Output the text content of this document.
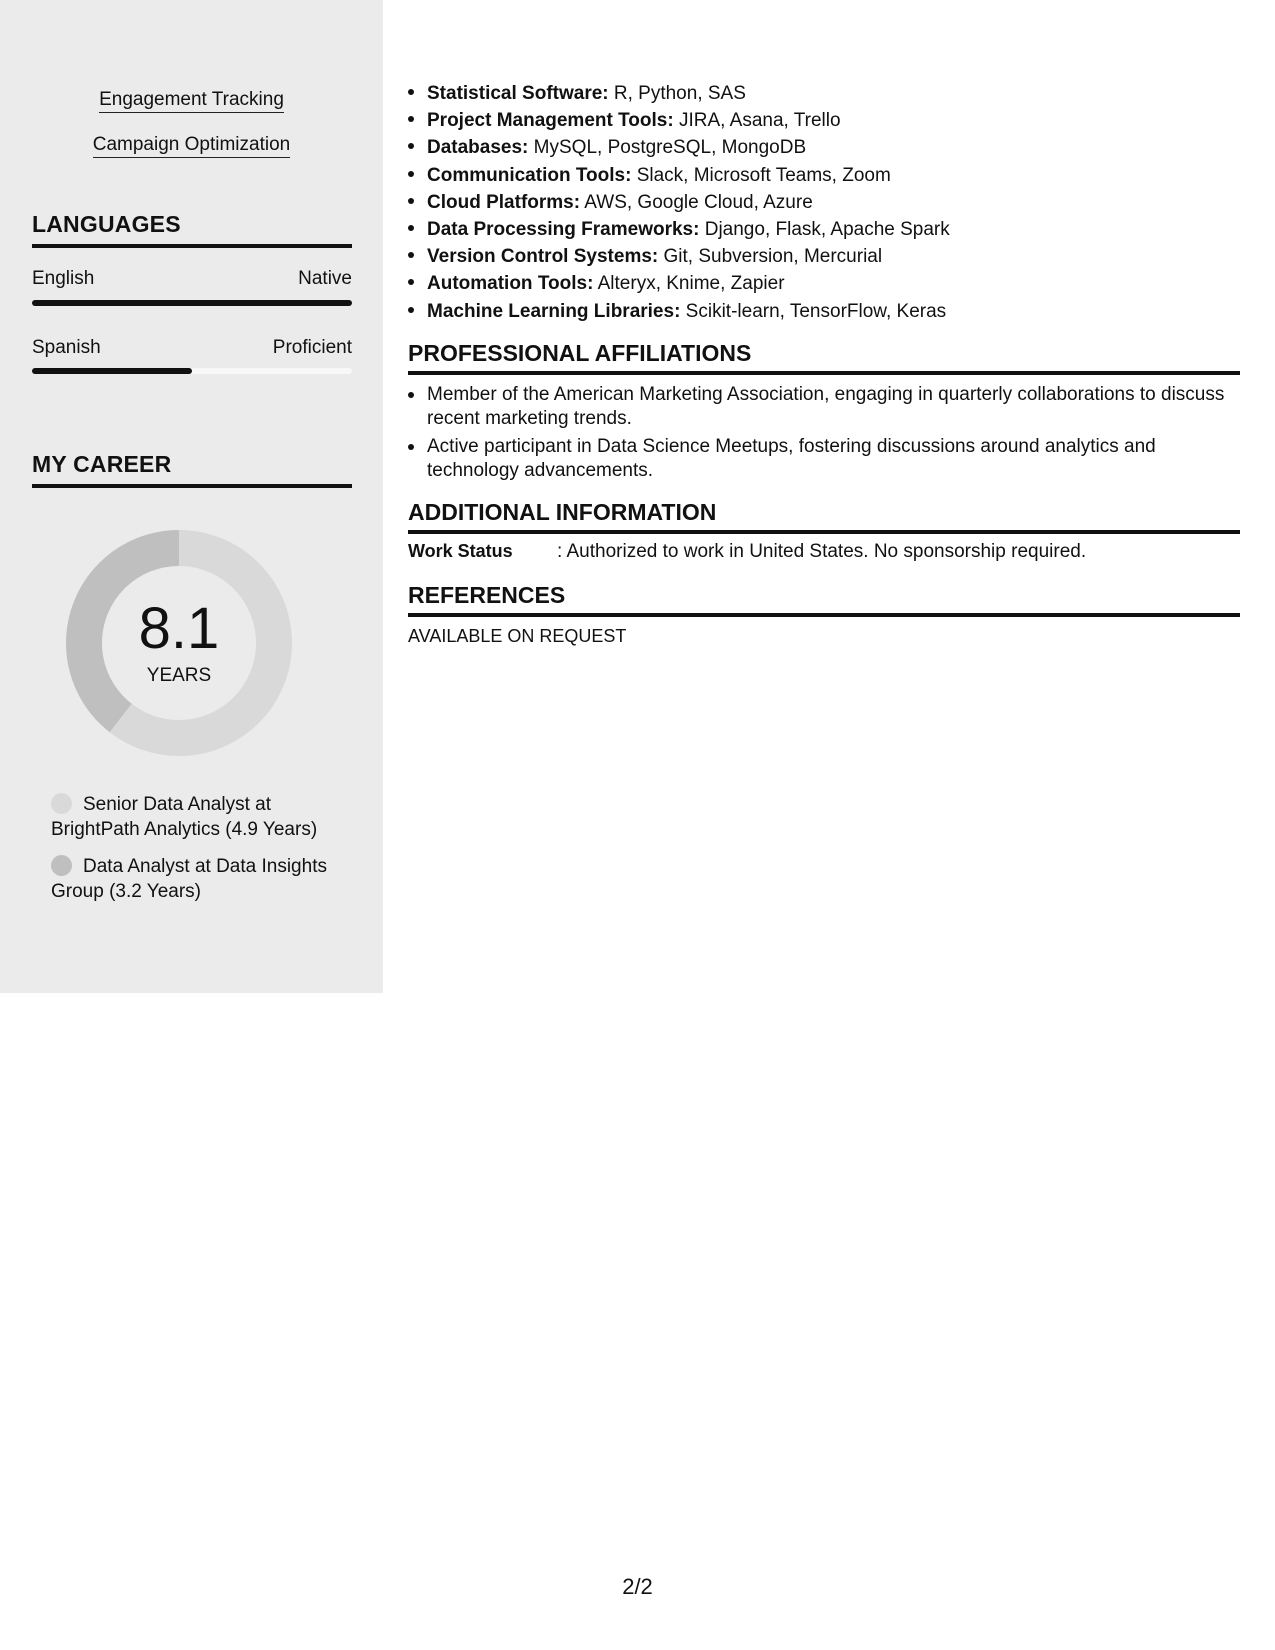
Engagement Tracking
Campaign Optimization
LANGUAGES
English	Native
Spanish	Proficient
MY CAREER
8.1
YEARS
Senior Data Analyst at BrightPath Analytics (4.9 Years)
Data Analyst at Data Insights Group (3.2 Years)
Statistical Software: R, Python, SAS
Project Management Tools: JIRA, Asana, Trello
Databases: MySQL, PostgreSQL, MongoDB
Communication Tools: Slack, Microsoft Teams, Zoom
Cloud Platforms: AWS, Google Cloud, Azure
Data Processing Frameworks: Django, Flask, Apache Spark
Version Control Systems: Git, Subversion, Mercurial
Automation Tools: Alteryx, Knime, Zapier
Machine Learning Libraries: Scikit-learn, TensorFlow, Keras
PROFESSIONAL AFFILIATIONS
Member of the American Marketing Association, engaging in quarterly collaborations to discuss recent marketing trends.
Active participant in Data Science Meetups, fostering discussions around analytics and technology advancements.
ADDITIONAL INFORMATION
Work Status : Authorized to work in United States. No sponsorship required.
REFERENCES
AVAILABLE ON REQUEST
2/2
